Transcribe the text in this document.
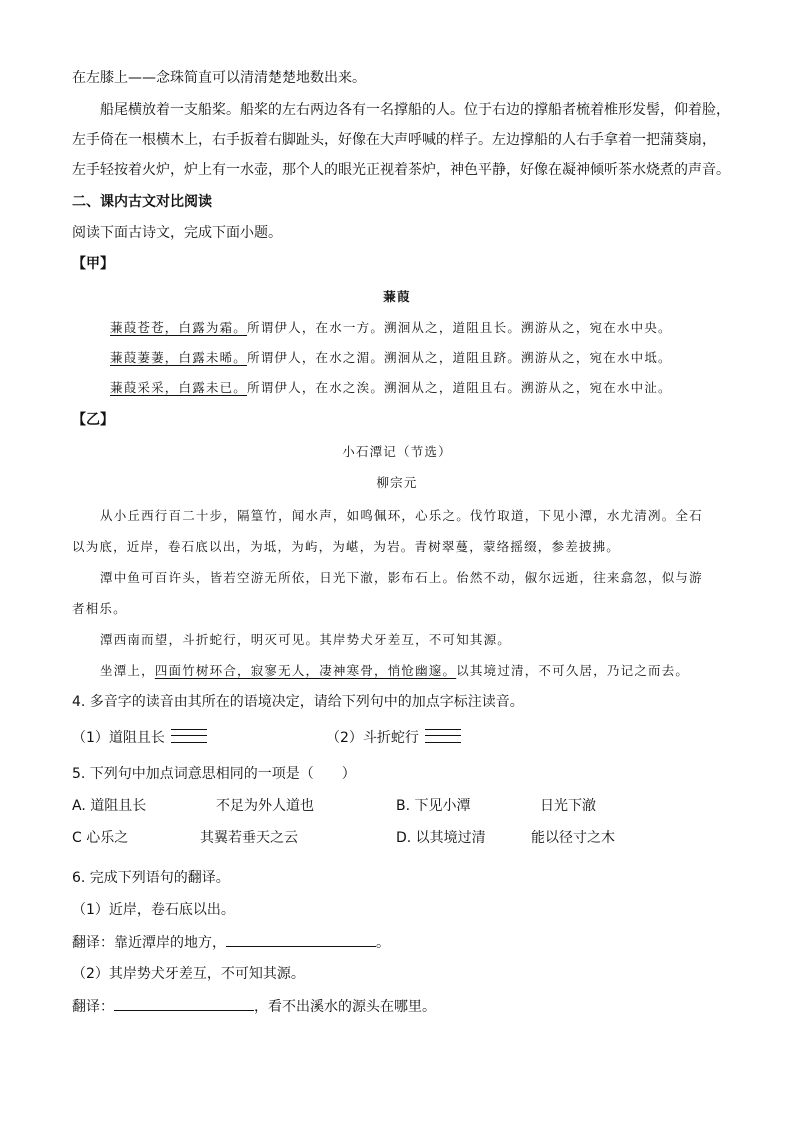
在左膝上——念珠简直可以清清楚楚地数出来。
船尾横放着一支船桨。船桨的左右两边各有一名撑船的人。位于右边的撑船者梳着椎形发髻，仰着脸，
左手倚在一根横木上，右手扳着右脚趾头，好像在大声呼喊的样子。左边撑船的人右手拿着一把蒲葵扇，
左手轻按着火炉，炉上有一水壶，那个人的眼光正视着茶炉，神色平静，好像在凝神倾听茶水烧煮的声音。
二、课内古文对比阅读
阅读下面古诗文，完成下面小题。
【甲】
蒹葭
蒹葭苍苍，白露为霜。所谓伊人，在水一方。溯洄从之，道阻且长。溯游从之，宛在水中央。
蒹葭萋萋，白露未晞。所谓伊人，在水之湄。溯洄从之，道阻且跻。溯游从之，宛在水中坻。
蒹葭采采，白露未已。所谓伊人，在水之涘。溯洄从之，道阻且右。溯游从之，宛在水中沚。
【乙】
小石潭记（节选）
柳宗元
从小丘西行百二十步，隔篁竹，闻水声，如鸣佩环，心乐之。伐竹取道，下见小潭，水尤清冽。全石
以为底，近岸，卷石底以出，为坻，为屿，为嵁，为岩。青树翠蔓，蒙络摇缀，参差披拂。
潭中鱼可百许头，皆若空游无所依，日光下澈，影布石上。佁然不动，俶尔远逝，往来翕忽，似与游
者相乐。
潭西南而望，斗折蛇行，明灭可见。其岸势犬牙差互，不可知其源。
坐潭上，四面竹树环合，寂寥无人，凄神寒骨，悄怆幽邃。以其境过清，不可久居，乃记之而去。
4. 多音字的读音由其所在的语境决定，请给下列句中的加点字标注读音。
（1）道阻且长	（2）斗折蛇行
5. 下列句中加点词意思相同的一项是（　　）
A. 道阻且长	不足为外人道也	B. 下见小潭	日光下澈
C 心乐之	其翼若垂天之云	D. 以其境过清	能以径寸之木
6. 完成下列语句的翻译。
（1）近岸，卷石底以出。
翻译：靠近潭岸的地方，	。
（2）其岸势犬牙差互，不可知其源。
翻译：	，看不出溪水的源头在哪里。
